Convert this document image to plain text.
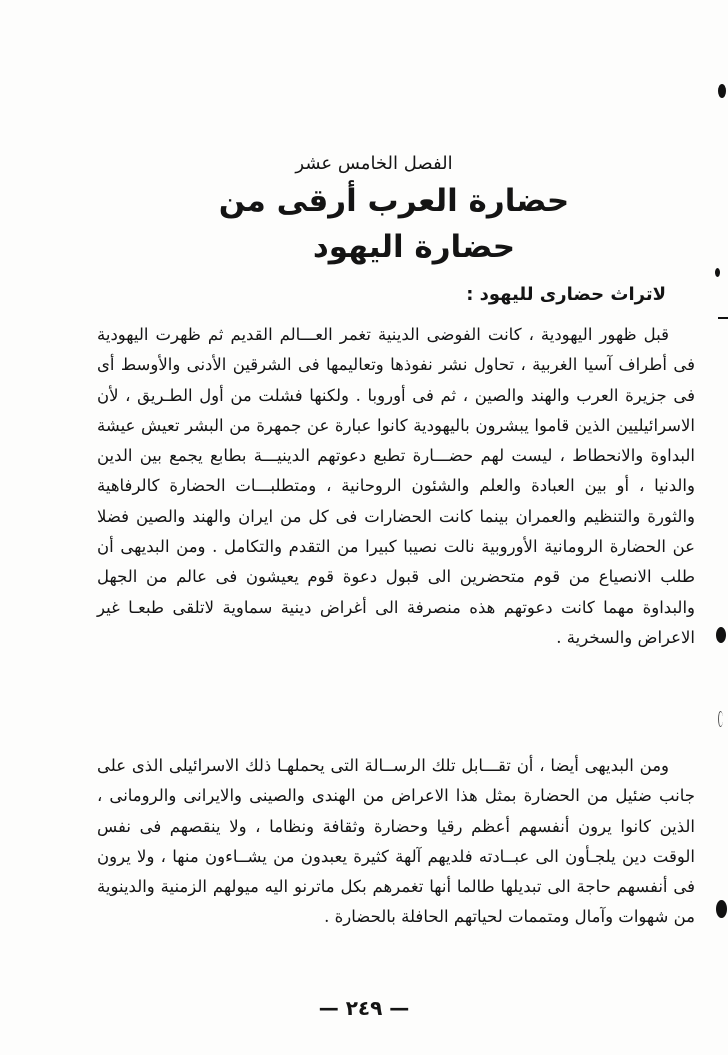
الفصل الخامس عشر
حضارة العرب أرقى من
حضارة اليهود
لاتراث حضارى لليهود :

قبل ظهور اليهودية ، كانت الفوضى الدينية تغمر العـــالم القديم ثم ظهرت اليهودية فى أطراف آسيا الغربية ، تحاول نشر نفوذها وتعاليمها فى الشرقين الأدنى والأوسط أى فى جزيرة العرب والهند والصين ، ثم فى أوروبا . ولكنها فشلت من أول الطـريق ، لأن الاسرائيليين الذين قاموا يبشرون باليهودية كانوا عبارة عن جمهرة من البشر تعيش عيشة البداوة والانحطاط ، ليست لهم حضـــارة تطبع دعوتهم الدينيـــة بطابع يجمع بين الدين والدنيا ، أو بين العبادة والعلم والشئون الروحانية ، ومتطلبـــات الحضارة كالرفاهية والثورة والتنظيم والعمران بينما كانت الحضارات فى كل من ايران والهند والصين فضلا عن الحضارة الرومانية الأوروبية نالت نصيبا كبيرا من التقدم والتكامل . ومن البديهى أن طلب الانصياع من قوم متحضرين الى قبول دعوة قوم يعيشون فى عالم من الجهل والبداوة مهما كانت دعوتهم هذه منصرفة الى أغراض دينية سماوية لاتلقى طبعـا غير الاعراض والسخرية .

ومن البديهى أيضا ، أن تقـــابل تلك الرســالة التى يحملهـا ذلك الاسرائيلى الذى على جانب ضئيل من الحضارة بمثل هذا الاعراض من الهندى والصينى والايرانى والرومانى ، الذين كانوا يرون أنفسهم أعظم رقيا وحضارة وثقافة ونظاما ، ولا ينقصهم فى نفس الوقت دين يلجـأون الى عبــادته فلديهم آلهة كثيرة يعبدون من يشــاءون منها ، ولا يرون فى أنفسهم حاجة الى تبديلها طالما أنها تغمرهم بكل ماترنو اليه ميولهم الزمنية والدينوية من شهوات وآمال ومتممات لحياتهم الحافلة بالحضارة .

— ٢٤٩ —
